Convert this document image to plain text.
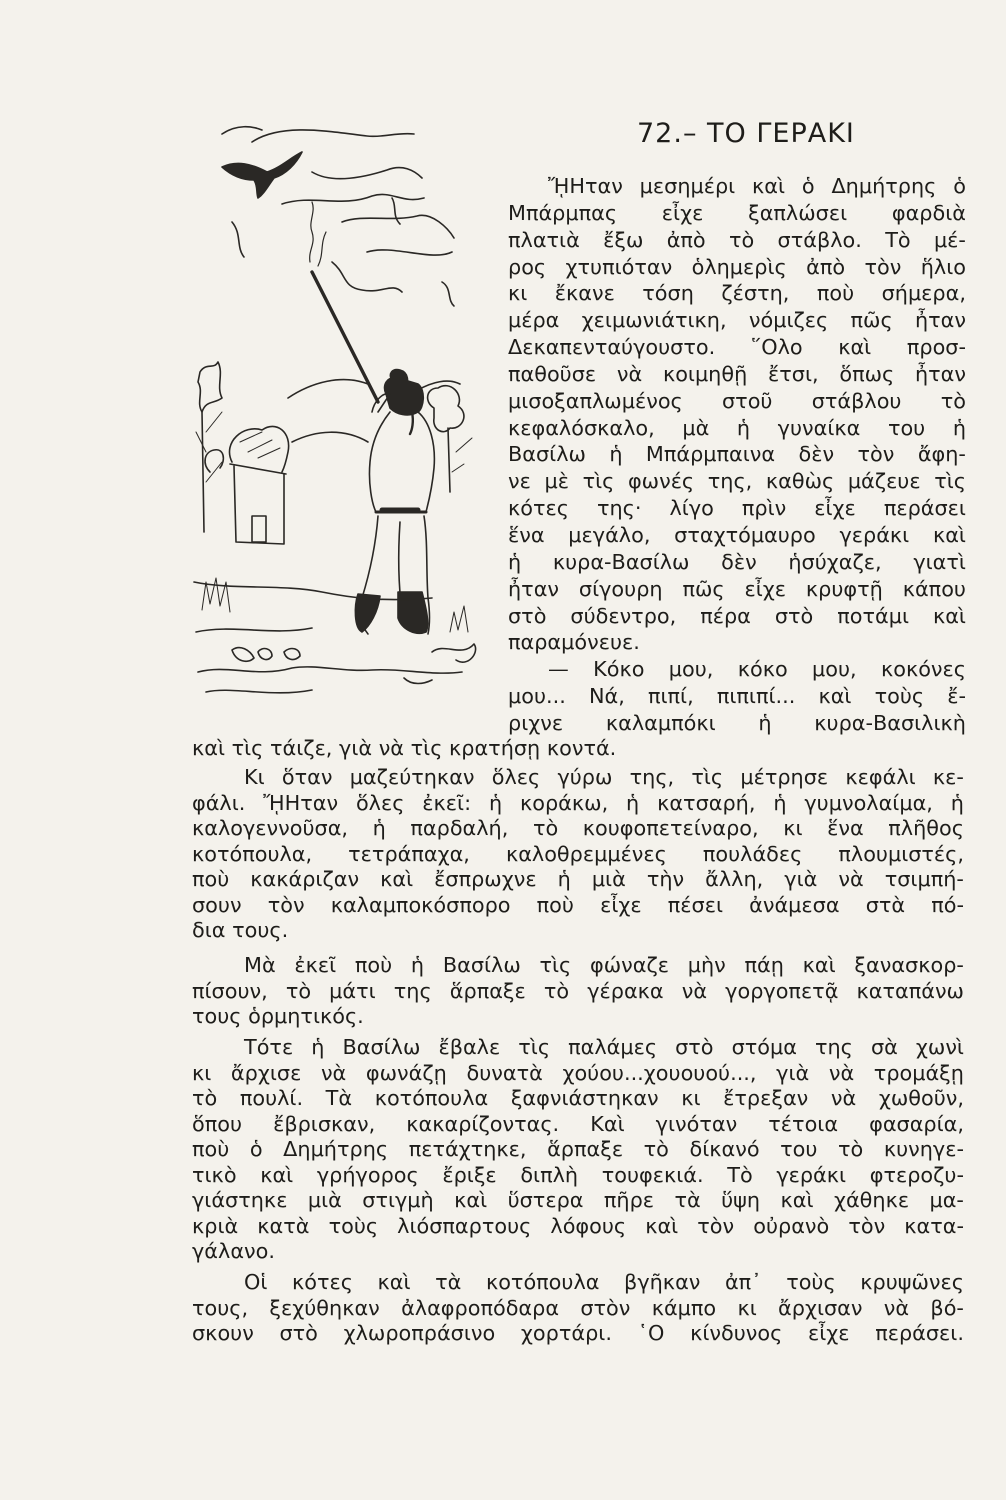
72.– ΤΟ ΓΕΡΑΚΙ
ᾜΗταν μεσημέρι καὶ ὁ Δημήτρης ὁ
Μπάρμπας εἶχε ξαπλώσει φαρδιὰ
πλατιὰ ἔξω ἀπὸ τὸ στάβλο. Τὸ μέ-
ρος χτυπιόταν ὁλημερὶς ἀπὸ τὸν ἥλιο
κι ἔκανε τόση ζέστη, ποὺ σήμερα,
μέρα χειμωνιάτικη, νόμιζες πῶς ἦταν
Δεκαπενταύγουστο. ῞Ολο καὶ προσ-
παθοῦσε νὰ κοιμηθῇ ἔτσι, ὅπως ἦταν
μισοξαπλωμένος στοῦ στάβλου τὸ
κεφαλόσκαλο, μὰ ἡ γυναίκα του ἡ
Βασίλω ἡ Μπάρμπαινα δὲν τὸν ἄφη-
νε μὲ τὶς φωνές της, καθὼς μάζευε τὶς
κότες της· λίγο πρὶν εἶχε περάσει
ἕνα μεγάλο, σταχτόμαυρο γεράκι καὶ
ἡ κυρα-Βασίλω δὲν ἡσύχαζε, γιατὶ
ἦταν σίγουρη πῶς εἶχε κρυφτῇ κάπου
στὸ σύδεντρο, πέρα στὸ ποτάμι καὶ
παραμόνευε.
— Κόκο μου, κόκο μου, κοκόνες
μου... Νά, πιπί, πιπιπί... καὶ τοὺς ἔ-
ριχνε καλαμπόκι ἡ κυρα-Βασιλικὴ
καὶ τὶς τάιζε, γιὰ νὰ τὶς κρατήσῃ κοντά.
Κι ὅταν μαζεύτηκαν ὅλες γύρω της, τὶς μέτρησε κεφάλι κε-
φάλι. ᾜΗταν ὅλες ἐκεῖ: ἡ κοράκω, ἡ κατσαρή, ἡ γυμνολαίμα, ἡ
καλογεννοῦσα, ἡ παρδαλή, τὸ κουφοπετείναρο, κι ἕνα πλῆθος
κοτόπουλα, τετράπαχα, καλοθρεμμένες πουλάδες πλουμιστές,
ποὺ κακάριζαν καὶ ἔσπρωχνε ἡ μιὰ τὴν ἄλλη, γιὰ νὰ τσιμπή-
σουν τὸν καλαμποκόσπορο ποὺ εἶχε πέσει ἀνάμεσα στὰ πό-
δια τους.
Μὰ ἐκεῖ ποὺ ἡ Βασίλω τὶς φώναζε μὴν πάῃ καὶ ξανασκορ-
πίσουν, τὸ μάτι της ἅρπαξε τὸ γέρακα νὰ γοργοπετᾷ καταπάνω
τους ὁρμητικός.
Τότε ἡ Βασίλω ἔβαλε τὶς παλάμες στὸ στόμα της σὰ χωνὶ
κι ἄρχισε νὰ φωνάζῃ δυνατὰ χούου...χουουού..., γιὰ νὰ τρομάξῃ
τὸ πουλί. Τὰ κοτόπουλα ξαφνιάστηκαν κι ἔτρεξαν νὰ χωθοῦν,
ὅπου ἔβρισκαν, κακαρίζοντας. Καὶ γινόταν τέτοια φασαρία,
ποὺ ὁ Δημήτρης πετάχτηκε, ἅρπαξε τὸ δίκανό του τὸ κυνηγε-
τικὸ καὶ γρήγορος ἔριξε διπλὴ τουφεκιά. Τὸ γεράκι φτεροζυ-
γιάστηκε μιὰ στιγμὴ καὶ ὕστερα πῆρε τὰ ὕψη καὶ χάθηκε μα-
κριὰ κατὰ τοὺς λιόσπαρτους λόφους καὶ τὸν οὐρανὸ τὸν κατα-
γάλανο.
Οἱ κότες καὶ τὰ κοτόπουλα βγῆκαν ἀπ᾽ τοὺς κρυψῶνες
τους, ξεχύθηκαν ἀλαφροπόδαρα στὸν κάμπο κι ἄρχισαν νὰ βό-
σκουν στὸ χλωροπράσινο χορτάρι. ῾Ο κίνδυνος εἶχε περάσει.
